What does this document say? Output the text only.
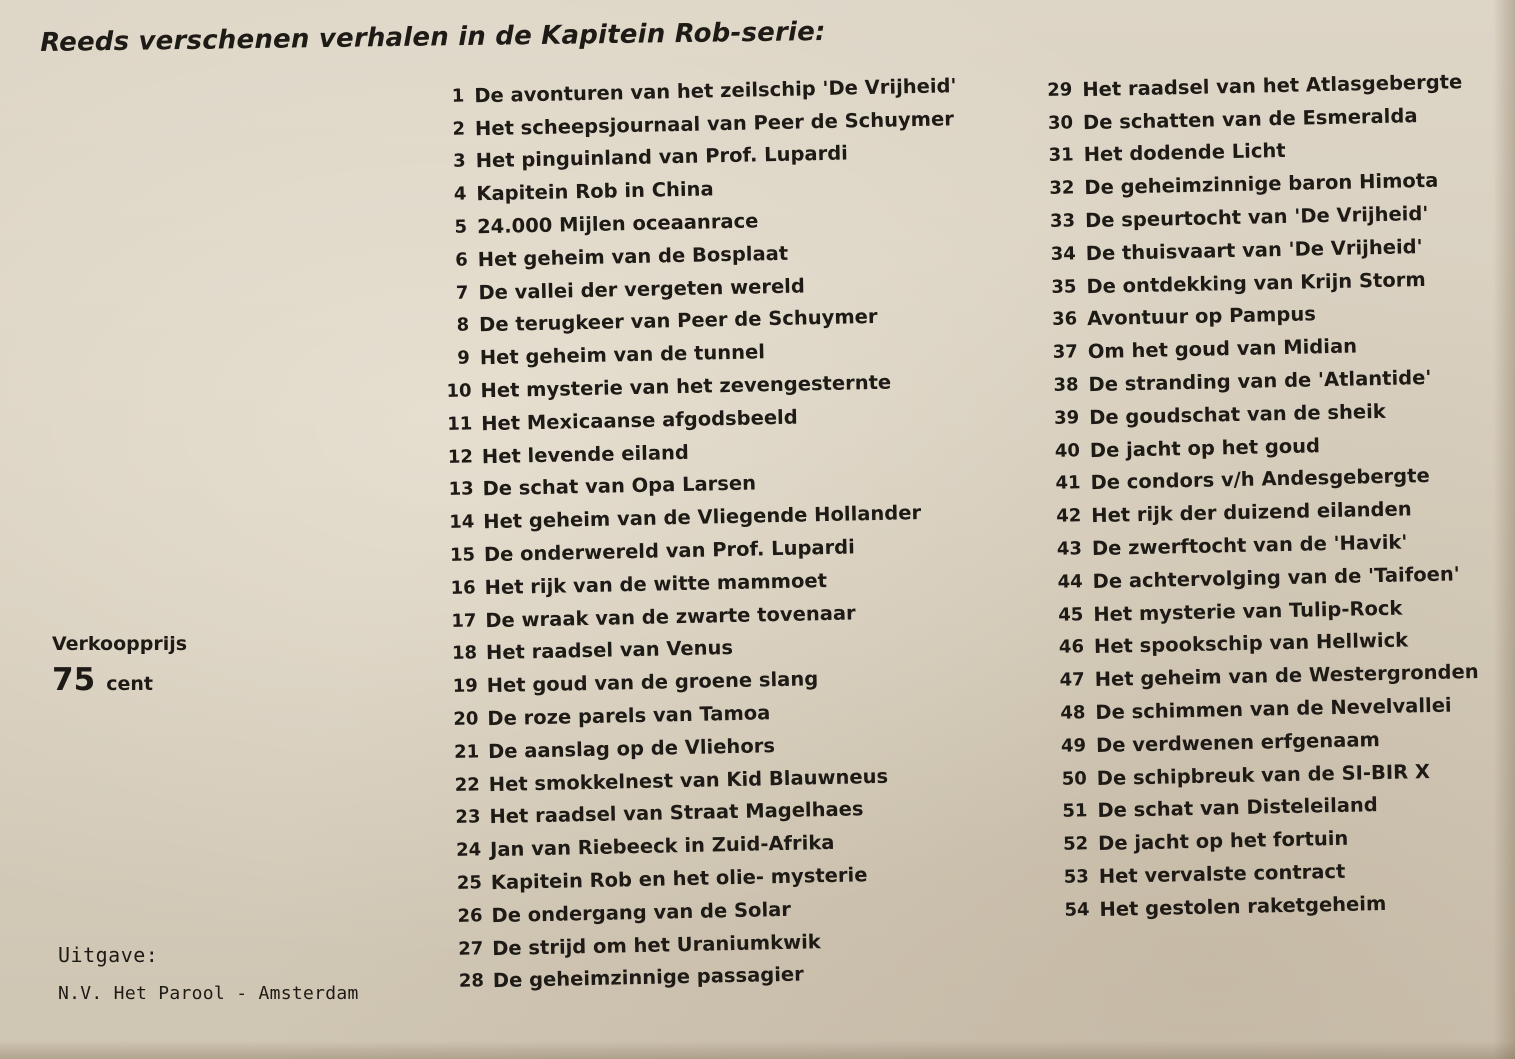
Reeds verschenen verhalen in de Kapitein Rob-serie:
1 De avonturen van het zeilschip 'De Vrijheid'
2 Het scheepsjournaal van Peer de Schuymer
3 Het pinguinland van Prof. Lupardi
4 Kapitein Rob in China
5 24.000 Mijlen oceaanrace
6 Het geheim van de Bosplaat
7 De vallei der vergeten wereld
8 De terugkeer van Peer de Schuymer
9 Het geheim van de tunnel
10 Het mysterie van het zevengesternte
11 Het Mexicaanse afgodsbeeld
12 Het levende eiland
13 De schat van Opa Larsen
14 Het geheim van de Vliegende Hollander
15 De onderwereld van Prof. Lupardi
16 Het rijk van de witte mammoet
17 De wraak van de zwarte tovenaar
18 Het raadsel van Venus
19 Het goud van de groene slang
20 De roze parels van Tamoa
21 De aanslag op de Vliehors
22 Het smokkelnest van Kid Blauwneus
23 Het raadsel van Straat Magelhaes
24 Jan van Riebeeck in Zuid-Afrika
25 Kapitein Rob en het olie- mysterie
26 De ondergang van de Solar
27 De strijd om het Uraniumkwik
28 De geheimzinnige passagier
29 Het raadsel van het Atlasgebergte
30 De schatten van de Esmeralda
31 Het dodende Licht
32 De geheimzinnige baron Himota
33 De speurtocht van 'De Vrijheid'
34 De thuisvaart van 'De Vrijheid'
35 De ontdekking van Krijn Storm
36 Avontuur op Pampus
37 Om het goud van Midian
38 De stranding van de 'Atlantide'
39 De goudschat van de sheik
40 De jacht op het goud
41 De condors v/h Andesgebergte
42 Het rijk der duizend eilanden
43 De zwerftocht van de 'Havik'
44 De achtervolging van de 'Taifoen'
45 Het mysterie van Tulip-Rock
46 Het spookschip van Hellwick
47 Het geheim van de Westergronden
48 De schimmen van de Nevelvallei
49 De verdwenen erfgenaam
50 De schipbreuk van de SI-BIR X
51 De schat van Disteleiland
52 De jacht op het fortuin
53 Het vervalste contract
54 Het gestolen raketgeheim
Verkoopprijs
75 cent
Uitgave:
N.V. Het Parool - Amsterdam
